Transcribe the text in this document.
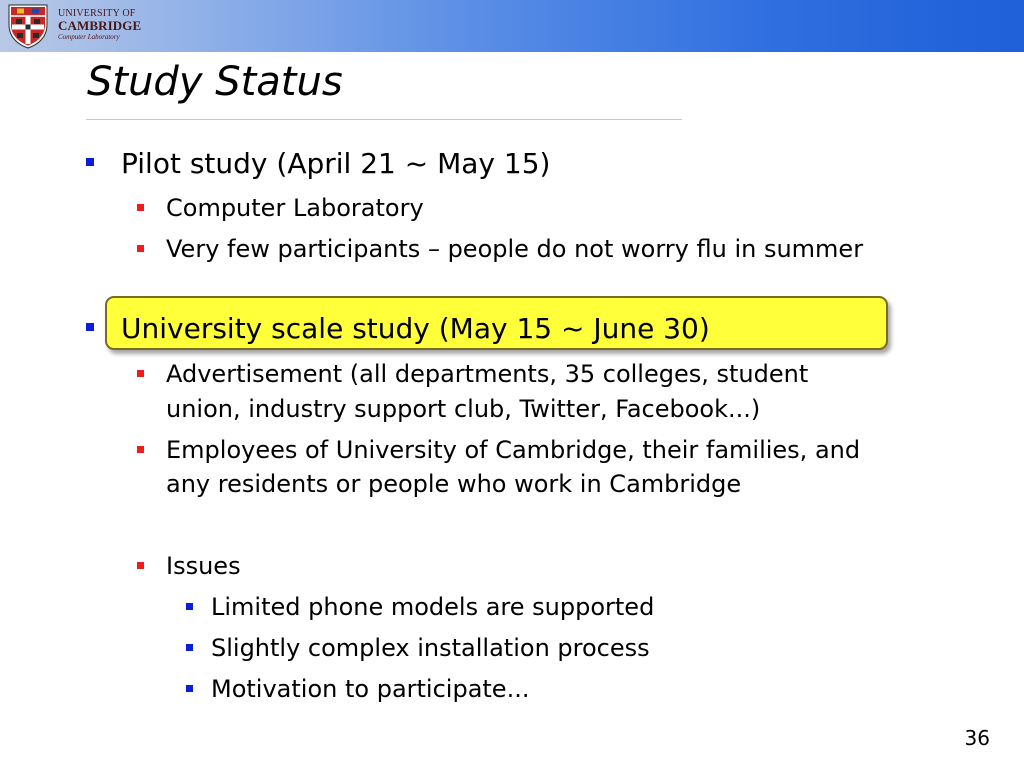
UNIVERSITY OF
CAMBRIDGE
Computer Laboratory
Study Status
Pilot study (April 21 ~ May 15)
Computer Laboratory
Very few participants – people do not worry flu in summer
University scale study (May 15 ~ June 30)
Advertisement (all departments, 35 colleges, student
union, industry support club, Twitter, Facebook...)
Employees of University of Cambridge, their families, and
any residents or people who work in Cambridge
Issues
Limited phone models are supported
Slightly complex installation process
Motivation to participate...
36
